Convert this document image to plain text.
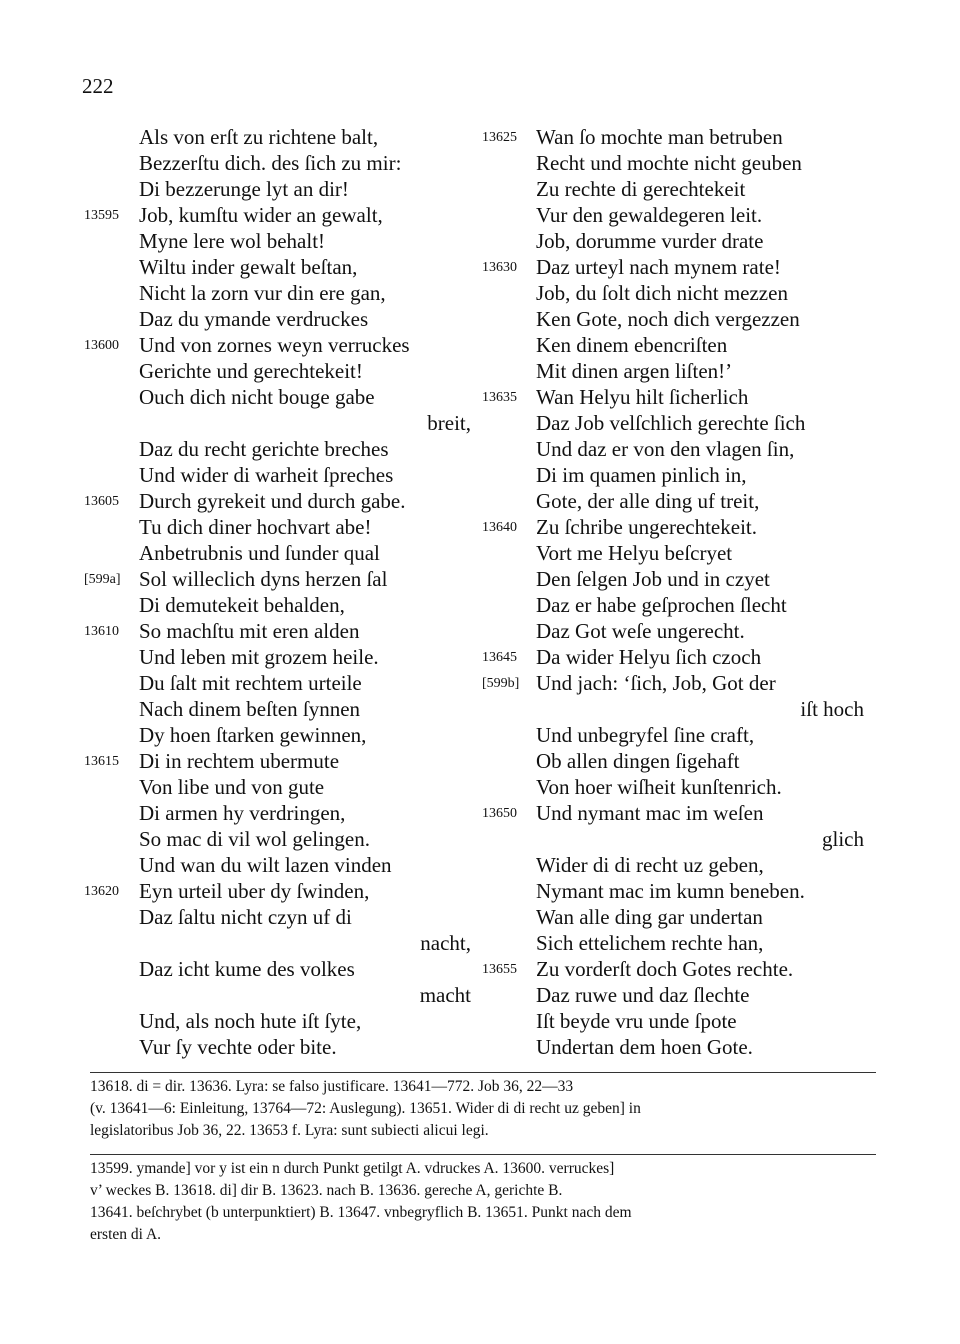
222
Als von erſt zu richtene balt,
Bezzerſtu dich. des ſich zu mir:
Di bezzerunge lyt an dir!
13595 Job, kumſtu wider an gewalt,
Myne lere wol behalt!
Wiltu inder gewalt beſtan,
Nicht la zorn vur din ere gan,
Daz du ymande verdruckes
13600 Und von zornes weyn verruckes
Gerichte und gerechtekeit!
Ouch dich nicht bouge gabe
breit,
Daz du recht gerichte breches
Und wider di warheit ſpreches
13605 Durch gyrekeit und durch gabe.
Tu dich diner hochvart abe!
Anbetrubnis und ſunder qual
[599a] Sol willeclich dyns herzen ſal
Di demutekeit behalden,
13610 So machſtu mit eren alden
Und leben mit grozem heile.
Du ſalt mit rechtem urteile
Nach dinem beſten ſynnen
Dy hoen ſtarken gewinnen,
13615 Di in rechtem ubermute
Von libe und von gute
Di armen hy verdringen,
So mac di vil wol gelingen.
Und wan du wilt lazen vinden
13620 Eyn urteil uber dy ſwinden,
Daz ſaltu nicht czyn uf di
nacht,
Daz icht kume des volkes
macht
Und, als noch hute iſt ſyte,
Vur ſy vechte oder bite.
13625 Wan ſo mochte man betruben
Recht und mochte nicht geuben
Zu rechte di gerechtekeit
Vur den gewaldegeren leit.
Job, dorumme vurder drate
13630 Daz urteyl nach mynem rate!
Job, du ſolt dich nicht mezzen
Ken Gote, noch dich vergezzen
Ken dinem ebencriſten
Mit dinen argen liſten!’
13635 Wan Helyu hilt ſicherlich
Daz Job velſchlich gerechte ſich
Und daz er von den vlagen ſin,
Di im quamen pinlich in,
Gote, der alle ding uf treit,
13640 Zu ſchribe ungerechtekeit.
Vort me Helyu beſcryet
Den ſelgen Job und in czyet
Daz er habe geſprochen ſlecht
Daz Got weſe ungerecht.
13645 Da wider Helyu ſich czoch
[599b] Und jach: ‘ſich, Job, Got der
iſt hoch
Und unbegryfel ſine craft,
Ob allen dingen ſigehaft
Von hoer wiſheit kunſtenrich.
13650 Und nymant mac im weſen
glich
Wider di di recht uz geben,
Nymant mac im kumn beneben.
Wan alle ding gar undertan
Sich ettelichem rechte han,
13655 Zu vorderſt doch Gotes rechte.
Daz ruwe und daz ſlechte
Iſt beyde vru unde ſpote
Undertan dem hoen Gote.
13618. di = dir. 13636. Lyra: se falso justificare. 13641—772. Job 36, 22—33
(v. 13641—6: Einleitung, 13764—72: Auslegung). 13651. Wider di di recht uz geben] in
legislatoribus Job 36, 22. 13653 f. Lyra: sunt subiecti alicui legi.
13599. ymande] vor y ist ein n durch Punkt getilgt A. vdruckes A. 13600. verruckes]
v’ weckes B. 13618. di] dir B. 13623. nach B. 13636. gereche A, gerichte B.
13641. beſchrybet (b unterpunktiert) B. 13647. vnbegryflich B. 13651. Punkt nach dem
ersten di A.
